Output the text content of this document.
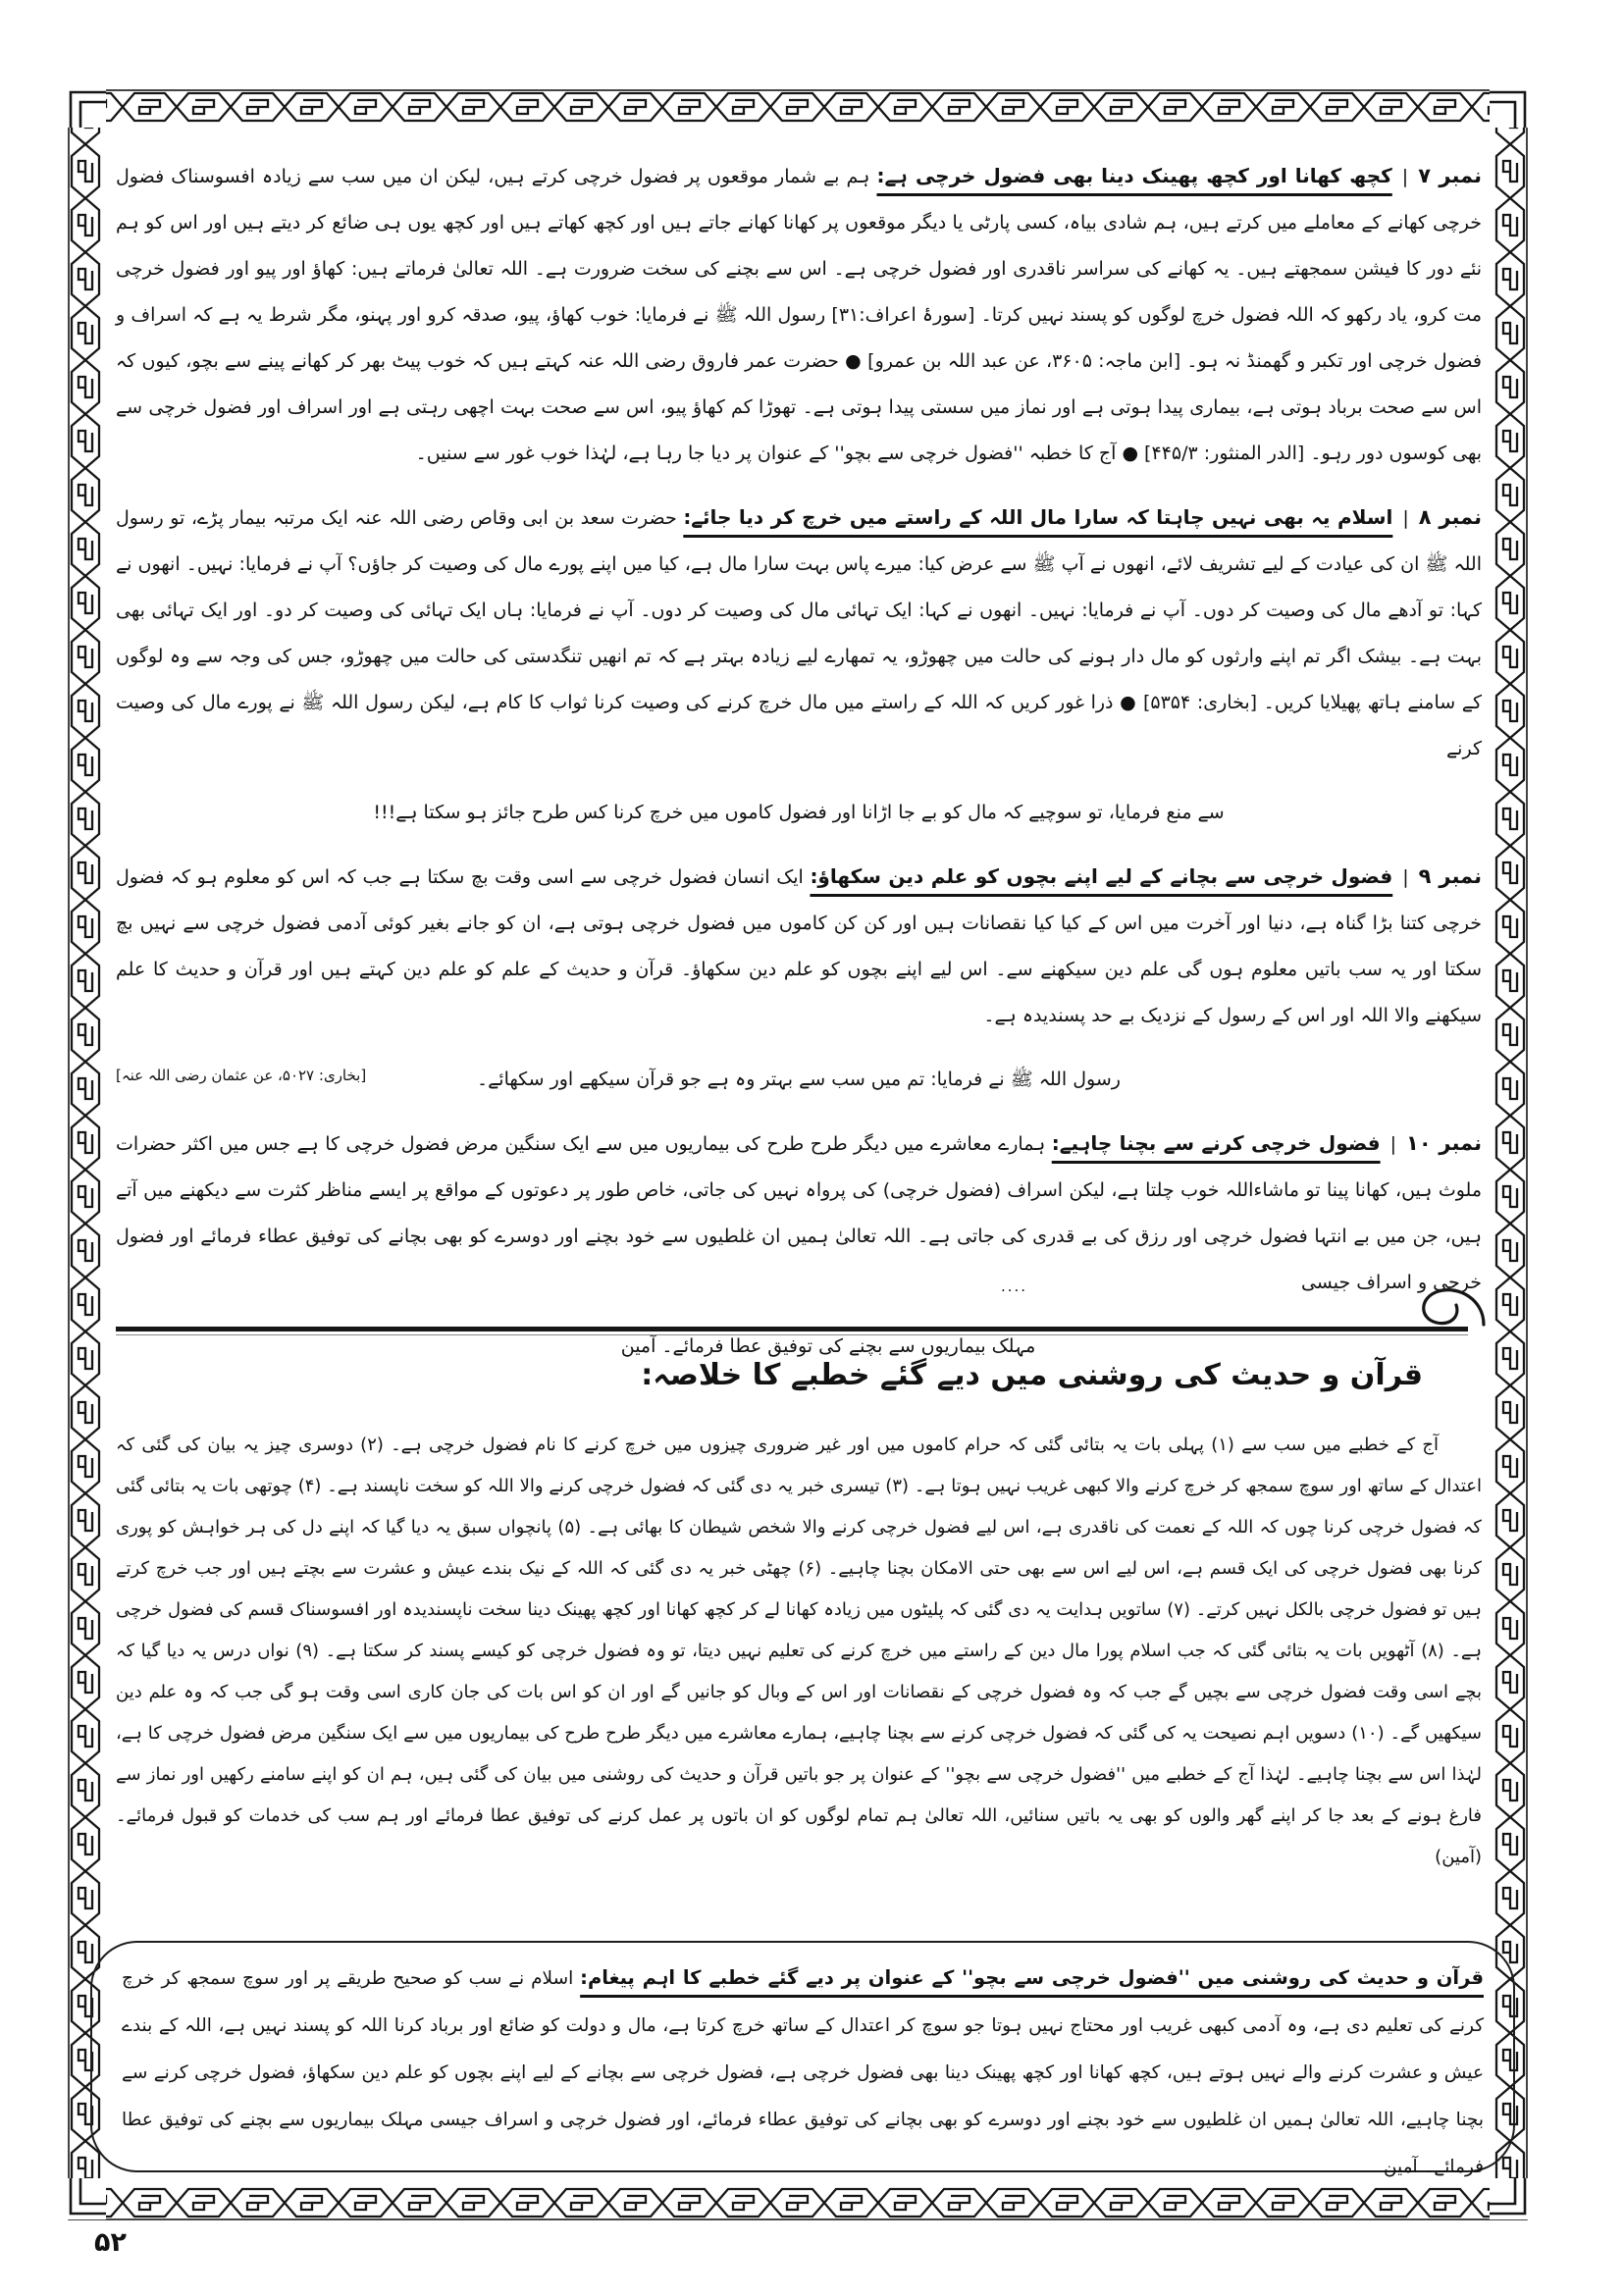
نمبر ۷|کچھ کھانا اور کچھ پھینک دینا بھی فضول خرچی ہے: ہم بے شمار موقعوں پر فضول خرچی کرتے ہیں، لیکن ان میں سب سے زیادہ افسوسناک فضول خرچی کھانے کے معاملے میں کرتے ہیں، ہم شادی بیاہ، کسی پارٹی یا دیگر موقعوں پر کھانا کھانے جاتے ہیں اور کچھ کھاتے ہیں اور کچھ یوں ہی ضائع کر دیتے ہیں اور اس کو ہم نئے دور کا فیشن سمجھتے ہیں۔ یہ کھانے کی سراسر ناقدری اور فضول خرچی ہے۔ اس سے بچنے کی سخت ضرورت ہے۔ اللہ تعالیٰ فرماتے ہیں: کھاؤ اور پیو اور فضول خرچی مت کرو، یاد رکھو کہ اللہ فضول خرچ لوگوں کو پسند نہیں کرتا۔ [سورۂ اعراف:۳۱] رسول اللہ ﷺ نے فرمایا: خوب کھاؤ، پیو، صدقہ کرو اور پہنو، مگر شرط یہ ہے کہ اسراف و فضول خرچی اور تکبر و گھمنڈ نہ ہو۔ [ابن ماجہ: ۳۶۰۵، عن عبد اللہ بن عمرو] ● حضرت عمر فاروق رضی اللہ عنہ کہتے ہیں کہ خوب پیٹ بھر کر کھانے پینے سے بچو، کیوں کہ اس سے صحت برباد ہوتی ہے، بیماری پیدا ہوتی ہے اور نماز میں سستی پیدا ہوتی ہے۔ تھوڑا کم کھاؤ پیو، اس سے صحت بہت اچھی رہتی ہے اور اسراف اور فضول خرچی سے بھی کوسوں دور رہو۔ [الدر المنثور: ۴۴۵/۳] ● آج کا خطبہ ''فضول خرچی سے بچو'' کے عنوان پر دیا جا رہا ہے، لہٰذا خوب غور سے سنیں۔

نمبر ۸|اسلام یہ بھی نہیں چاہتا کہ سارا مال اللہ کے راستے میں خرچ کر دیا جائے: حضرت سعد بن ابی وقاص رضی اللہ عنہ ایک مرتبہ بیمار پڑے، تو رسول اللہ ﷺ ان کی عیادت کے لیے تشریف لائے، انھوں نے آپ ﷺ سے عرض کیا: میرے پاس بہت سارا مال ہے، کیا میں اپنے پورے مال کی وصیت کر جاؤں؟ آپ نے فرمایا: نہیں۔ انھوں نے کہا: تو آدھے مال کی وصیت کر دوں۔ آپ نے فرمایا: نہیں۔ انھوں نے کہا: ایک تہائی مال کی وصیت کر دوں۔ آپ نے فرمایا: ہاں ایک تہائی کی وصیت کر دو۔ اور ایک تہائی بھی بہت ہے۔ بیشک اگر تم اپنے وارثوں کو مال دار ہونے کی حالت میں چھوڑو، یہ تمھارے لیے زیادہ بہتر ہے کہ تم انھیں تنگدستی کی حالت میں چھوڑو، جس کی وجہ سے وہ لوگوں کے سامنے ہاتھ پھیلایا کریں۔ [بخاری: ۵۳۵۴] ● ذرا غور کریں کہ اللہ کے راستے میں مال خرچ کرنے کی وصیت کرنا ثواب کا کام ہے، لیکن رسول اللہ ﷺ نے پورے مال کی وصیت کرنے

سے منع فرمایا، تو سوچیے کہ مال کو بے جا اڑانا اور فضول کاموں میں خرچ کرنا کس طرح جائز ہو سکتا ہے!!!

نمبر ۹|فضول خرچی سے بچانے کے لیے اپنے بچوں کو علم دین سکھاؤ: ایک انسان فضول خرچی سے اسی وقت بچ سکتا ہے جب کہ اس کو معلوم ہو کہ فضول خرچی کتنا بڑا گناہ ہے، دنیا اور آخرت میں اس کے کیا کیا نقصانات ہیں اور کن کن کاموں میں فضول خرچی ہوتی ہے، ان کو جانے بغیر کوئی آدمی فضول خرچی سے نہیں بچ سکتا اور یہ سب باتیں معلوم ہوں گی علم دین سیکھنے سے۔ اس لیے اپنے بچوں کو علم دین سکھاؤ۔ قرآن و حدیث کے علم کو علم دین کہتے ہیں اور قرآن و حدیث کا علم سیکھنے والا اللہ اور اس کے رسول کے نزدیک بے حد پسندیدہ ہے۔

رسول اللہ ﷺ نے فرمایا: تم میں سب سے بہتر وہ ہے جو قرآن سیکھے اور سکھائے۔
[بخاری: ۵۰۲۷، عن عثمان رضی اللہ عنہ]

نمبر ۱۰|فضول خرچی کرنے سے بچنا چاہیے: ہمارے معاشرے میں دیگر طرح طرح کی بیماریوں میں سے ایک سنگین مرض فضول خرچی کا ہے جس میں اکثر حضرات ملوث ہیں، کھانا پینا تو ماشاءاللہ خوب چلتا ہے، لیکن اسراف (فضول خرچی) کی پرواہ نہیں کی جاتی، خاص طور پر دعوتوں کے مواقع پر ایسے مناظر کثرت سے دیکھنے میں آتے ہیں، جن میں بے انتہا فضول خرچی اور رزق کی بے قدری کی جاتی ہے۔ اللہ تعالیٰ ہمیں ان غلطیوں سے خود بچنے اور دوسرے کو بھی بچانے کی توفیق عطاء فرمائے اور فضول خرچی و اسراف جیسی

مہلک بیماریوں سے بچنے کی توفیق عطا فرمائے۔ آمین
....
قرآن و حدیث کی روشنی میں دیے گئے خطبے کا خلاصہ:
آج کے خطبے میں سب سے (۱) پہلی بات یہ بتائی گئی کہ حرام کاموں میں اور غیر ضروری چیزوں میں خرچ کرنے کا نام فضول خرچی ہے۔ (۲) دوسری چیز یہ بیان کی گئی کہ اعتدال کے ساتھ اور سوچ سمجھ کر خرچ کرنے والا کبھی غریب نہیں ہوتا ہے۔ (۳) تیسری خبر یہ دی گئی کہ فضول خرچی کرنے والا اللہ کو سخت ناپسند ہے۔ (۴) چوتھی بات یہ بتائی گئی کہ فضول خرچی کرنا چوں کہ اللہ کے نعمت کی ناقدری ہے، اس لیے فضول خرچی کرنے والا شخص شیطان کا بھائی ہے۔ (۵) پانچواں سبق یہ دیا گیا کہ اپنے دل کی ہر خواہش کو پوری کرنا بھی فضول خرچی کی ایک قسم ہے، اس لیے اس سے بھی حتی الامکان بچنا چاہیے۔ (۶) چھٹی خبر یہ دی گئی کہ اللہ کے نیک بندے عیش و عشرت سے بچتے ہیں اور جب خرچ کرتے ہیں تو فضول خرچی بالکل نہیں کرتے۔ (۷) ساتویں ہدایت یہ دی گئی کہ پلیٹوں میں زیادہ کھانا لے کر کچھ کھانا اور کچھ پھینک دینا سخت ناپسندیدہ اور افسوسناک قسم کی فضول خرچی ہے۔ (۸) آٹھویں بات یہ بتائی گئی کہ جب اسلام پورا مال دین کے راستے میں خرچ کرنے کی تعلیم نہیں دیتا، تو وہ فضول خرچی کو کیسے پسند کر سکتا ہے۔ (۹) نواں درس یہ دیا گیا کہ بچے اسی وقت فضول خرچی سے بچیں گے جب کہ وہ فضول خرچی کے نقصانات اور اس کے وبال کو جانیں گے اور ان کو اس بات کی جان کاری اسی وقت ہو گی جب کہ وہ علم دین سیکھیں گے۔ (۱۰) دسویں اہم نصیحت یہ کی گئی کہ فضول خرچی کرنے سے بچنا چاہیے، ہمارے معاشرے میں دیگر طرح طرح کی بیماریوں میں سے ایک سنگین مرض فضول خرچی کا ہے، لہٰذا اس سے بچنا چاہیے۔ لہٰذا آج کے خطبے میں ''فضول خرچی سے بچو'' کے عنوان پر جو باتیں قرآن و حدیث کی روشنی میں بیان کی گئی ہیں، ہم ان کو اپنے سامنے رکھیں اور نماز سے فارغ ہونے کے بعد جا کر اپنے گھر والوں کو بھی یہ باتیں سنائیں، اللہ تعالیٰ ہم تمام لوگوں کو ان باتوں پر عمل کرنے کی توفیق عطا فرمائے اور ہم سب کی خدمات کو قبول فرمائے۔ (آمین)
قرآن و حدیث کی روشنی میں ''فضول خرچی سے بچو'' کے عنوان پر دیے گئے خطبے کا اہم پیغام: اسلام نے سب کو صحیح طریقے پر اور سوچ سمجھ کر خرچ کرنے کی تعلیم دی ہے، وہ آدمی کبھی غریب اور محتاج نہیں ہوتا جو سوچ کر اعتدال کے ساتھ خرچ کرتا ہے، مال و دولت کو ضائع اور برباد کرنا اللہ کو پسند نہیں ہے، اللہ کے بندے عیش و عشرت کرنے والے نہیں ہوتے ہیں، کچھ کھانا اور کچھ پھینک دینا بھی فضول خرچی ہے، فضول خرچی سے بچانے کے لیے اپنے بچوں کو علم دین سکھاؤ، فضول خرچی کرنے سے بچنا چاہیے، اللہ تعالیٰ ہمیں ان غلطیوں سے خود بچنے اور دوسرے کو بھی بچانے کی توفیق عطاء فرمائے، اور فضول خرچی و اسراف جیسی مہلک بیماریوں سے بچنے کی توفیق عطا فرمائے۔ آمین
۵۲
